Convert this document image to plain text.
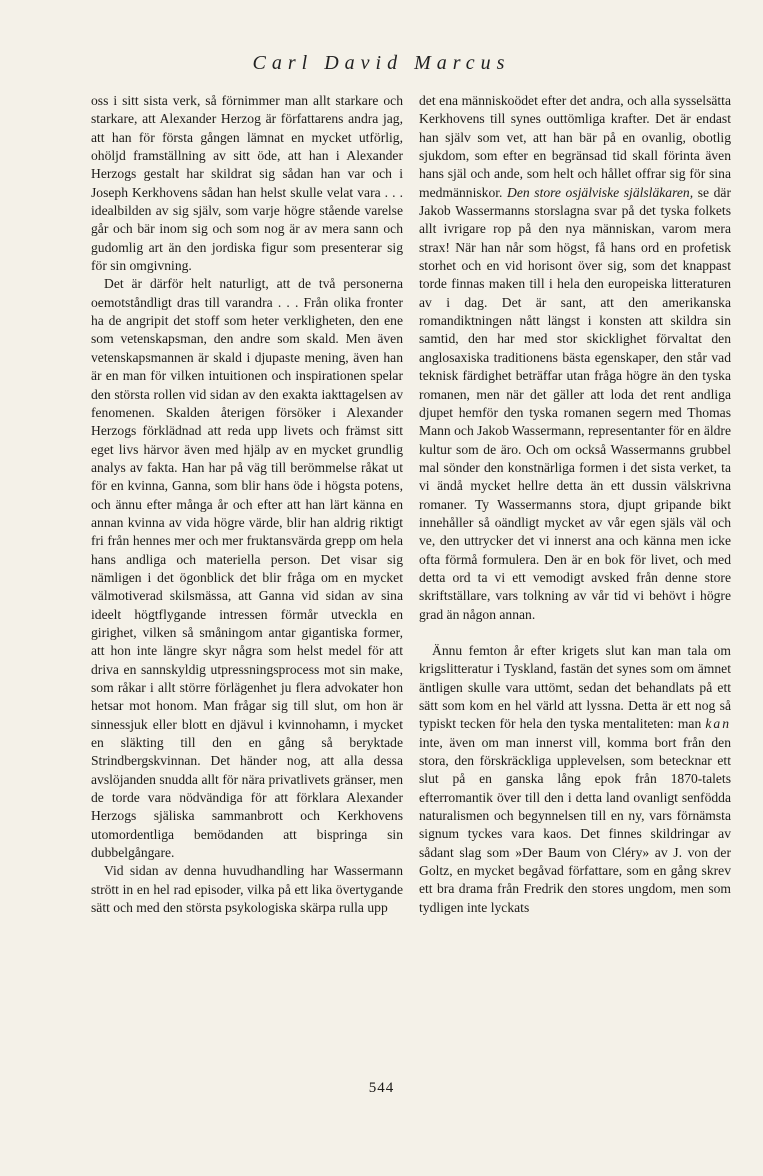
Carl David Marcus

oss i sitt sista verk, så förnimmer man allt starkare och starkare, att Alexander Herzog är författarens andra jag, att han för första gången lämnat en mycket utförlig, ohöljd framställning av sitt öde, att han i Alexander Herzogs gestalt har skildrat sig sådan han var och i Joseph Kerkhovens sådan han helst skulle velat vara . . . idealbilden av sig själv, som varje högre stående varelse går och bär inom sig och som nog är av mera sann och gudomlig art än den jordiska figur som presenterar sig för sin omgivning.

Det är därför helt naturligt, att de två personerna oemotståndligt dras till varandra . . . Från olika fronter ha de angripit det stoff som heter verkligheten, den ene som vetenskapsman, den andre som skald. Men även vetenskapsmannen är skald i djupaste mening, även han är en man för vilken intuitionen och inspirationen spelar den största rollen vid sidan av den exakta iakttagelsen av fenomenen. Skalden återigen försöker i Alexander Herzogs förklädnad att reda upp livets och främst sitt eget livs härvor även med hjälp av en mycket grundlig analys av fakta. Han har på väg till berömmelse råkat ut för en kvinna, Ganna, som blir hans öde i högsta potens, och ännu efter många år och efter att han lärt känna en annan kvinna av vida högre värde, blir han aldrig riktigt fri från hennes mer och mer fruktansvärda grepp om hela hans andliga och materiella person. Det visar sig nämligen i det ögonblick det blir fråga om en mycket välmotiverad skilsmässa, att Ganna vid sidan av sina ideelt högtflygande intressen förmår utveckla en girighet, vilken så småningom antar gigantiska former, att hon inte längre skyr några som helst medel för att driva en sannskyldig utpressningsprocess mot sin make, som råkar i allt större förlägenhet ju flera advokater hon hetsar mot honom. Man frågar sig till slut, om hon är sinnessjuk eller blott en djävul i kvinnohamn, i mycket en släkting till den en gång så beryktade Strindbergskvinnan. Det händer nog, att alla dessa avslöjanden snudda allt för nära privatlivets gränser, men de torde vara nödvändiga för att förklara Alexander Herzogs själiska sammanbrott och Kerkhovens utomordentliga bemödanden att bispringa sin dubbelgångare.

Vid sidan av denna huvudhandling har Wassermann strött in en hel rad episoder, vilka på ett lika övertygande sätt och med den största psykologiska skärpa rulla upp

det ena människoödet efter det andra, och alla sysselsätta Kerkhovens till synes outtömliga krafter. Det är endast han själv som vet, att han bär på en ovanlig, obotlig sjukdom, som efter en begränsad tid skall förinta även hans själ och ande, som helt och hållet offrar sig för sina medmänniskor. Den store osjälviske själsläkaren, se där Jakob Wassermanns storslagna svar på det tyska folkets allt ivrigare rop på den nya människan, varom mera strax! När han når som högst, få hans ord en profetisk storhet och en vid horisont över sig, som det knappast torde finnas maken till i hela den europeiska litteraturen av i dag. Det är sant, att den amerikanska romandiktningen nått längst i konsten att skildra sin samtid, den har med stor skicklighet förvaltat den anglosaxiska traditionens bästa egenskaper, den står vad teknisk färdighet beträffar utan fråga högre än den tyska romanen, men när det gäller att loda det rent andliga djupet hemför den tyska romanen segern med Thomas Mann och Jakob Wassermann, representanter för en äldre kultur som de äro. Och om också Wassermanns grubbel mal sönder den konstnärliga formen i det sista verket, ta vi ändå mycket hellre detta än ett dussin välskrivna romaner. Ty Wassermanns stora, djupt gripande bikt innehåller så oändligt mycket av vår egen själs väl och ve, den uttrycker det vi innerst ana och känna men icke ofta förmå formulera. Den är en bok för livet, och med detta ord ta vi ett vemodigt avsked från denne store skriftställare, vars tolkning av vår tid vi behövt i högre grad än någon annan.

Ännu femton år efter krigets slut kan man tala om krigslitteratur i Tyskland, fastän det synes som om ämnet äntligen skulle vara uttömt, sedan det behandlats på ett sätt som kom en hel värld att lyssna. Detta är ett nog så typiskt tecken för hela den tyska mentaliteten: man kan inte, även om man innerst vill, komma bort från den stora, den förskräckliga upplevelsen, som betecknar ett slut på en ganska lång epok från 1870-talets efterromantik över till den i detta land ovanligt senfödda naturalismen och begynnelsen till en ny, vars förnämsta signum tyckes vara kaos. Det finnes skildringar av sådant slag som »Der Baum von Cléry» av J. von der Goltz, en mycket begåvad författare, som en gång skrev ett bra drama från Fredrik den stores ungdom, men som tydligen inte lyckats

544
